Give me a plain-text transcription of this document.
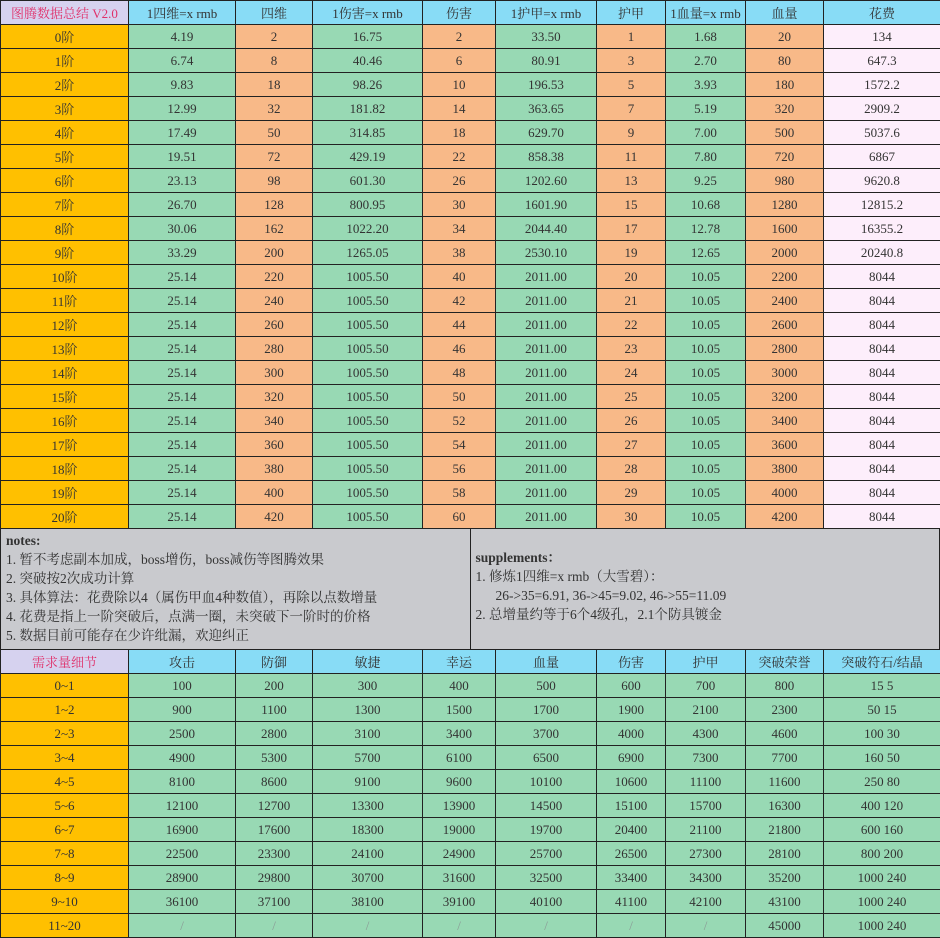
图腾数据总结 V2.0	1四维=x rmb	四维	1伤害=x rmb	伤害	1护甲=x rmb	护甲	1血量=x rmb	血量	花费
0阶	4.19	2	16.75	2	33.50	1	1.68	20	134
1阶	6.74	8	40.46	6	80.91	3	2.70	80	647.3
2阶	9.83	18	98.26	10	196.53	5	3.93	180	1572.2
3阶	12.99	32	181.82	14	363.65	7	5.19	320	2909.2
4阶	17.49	50	314.85	18	629.70	9	7.00	500	5037.6
5阶	19.51	72	429.19	22	858.38	11	7.80	720	6867
6阶	23.13	98	601.30	26	1202.60	13	9.25	980	9620.8
7阶	26.70	128	800.95	30	1601.90	15	10.68	1280	12815.2
8阶	30.06	162	1022.20	34	2044.40	17	12.78	1600	16355.2
9阶	33.29	200	1265.05	38	2530.10	19	12.65	2000	20240.8
10阶	25.14	220	1005.50	40	2011.00	20	10.05	2200	8044
11阶	25.14	240	1005.50	42	2011.00	21	10.05	2400	8044
12阶	25.14	260	1005.50	44	2011.00	22	10.05	2600	8044
13阶	25.14	280	1005.50	46	2011.00	23	10.05	2800	8044
14阶	25.14	300	1005.50	48	2011.00	24	10.05	3000	8044
15阶	25.14	320	1005.50	50	2011.00	25	10.05	3200	8044
16阶	25.14	340	1005.50	52	2011.00	26	10.05	3400	8044
17阶	25.14	360	1005.50	54	2011.00	27	10.05	3600	8044
18阶	25.14	380	1005.50	56	2011.00	28	10.05	3800	8044
19阶	25.14	400	1005.50	58	2011.00	29	10.05	4000	8044
20阶	25.14	420	1005.50	60	2011.00	30	10.05	4200	8044
notes:
1. 暂不考虑副本加成，boss增伤，boss减伤等图腾效果
2. 突破按2次成功计算
3. 具体算法：花费除以4（属伤甲血4种数值），再除以点数增量
4. 花费是指上一阶突破后，点满一圈，未突破下一阶时的价格
5. 数据目前可能存在少许纰漏，欢迎纠正
supplements：
1. 修炼1四维=x rmb（大雪碧）：
26->35=6.91, 36->45=9.02, 46->55=11.09
2. 总增量约等于6个4级孔，2.1个防具镀金
需求量细节	攻击	防御	敏捷	幸运	血量	伤害	护甲	突破荣誉	突破符石/结晶
0~1	100	200	300	400	500	600	700	800	15 5
1~2	900	1100	1300	1500	1700	1900	2100	2300	50 15
2~3	2500	2800	3100	3400	3700	4000	4300	4600	100 30
3~4	4900	5300	5700	6100	6500	6900	7300	7700	160 50
4~5	8100	8600	9100	9600	10100	10600	11100	11600	250 80
5~6	12100	12700	13300	13900	14500	15100	15700	16300	400 120
6~7	16900	17600	18300	19000	19700	20400	21100	21800	600 160
7~8	22500	23300	24100	24900	25700	26500	27300	28100	800 200
8~9	28900	29800	30700	31600	32500	33400	34300	35200	1000 240
9~10	36100	37100	38100	39100	40100	41100	42100	43100	1000 240
11~20	/	/	/	/	/	/	/	45000	1000 240
